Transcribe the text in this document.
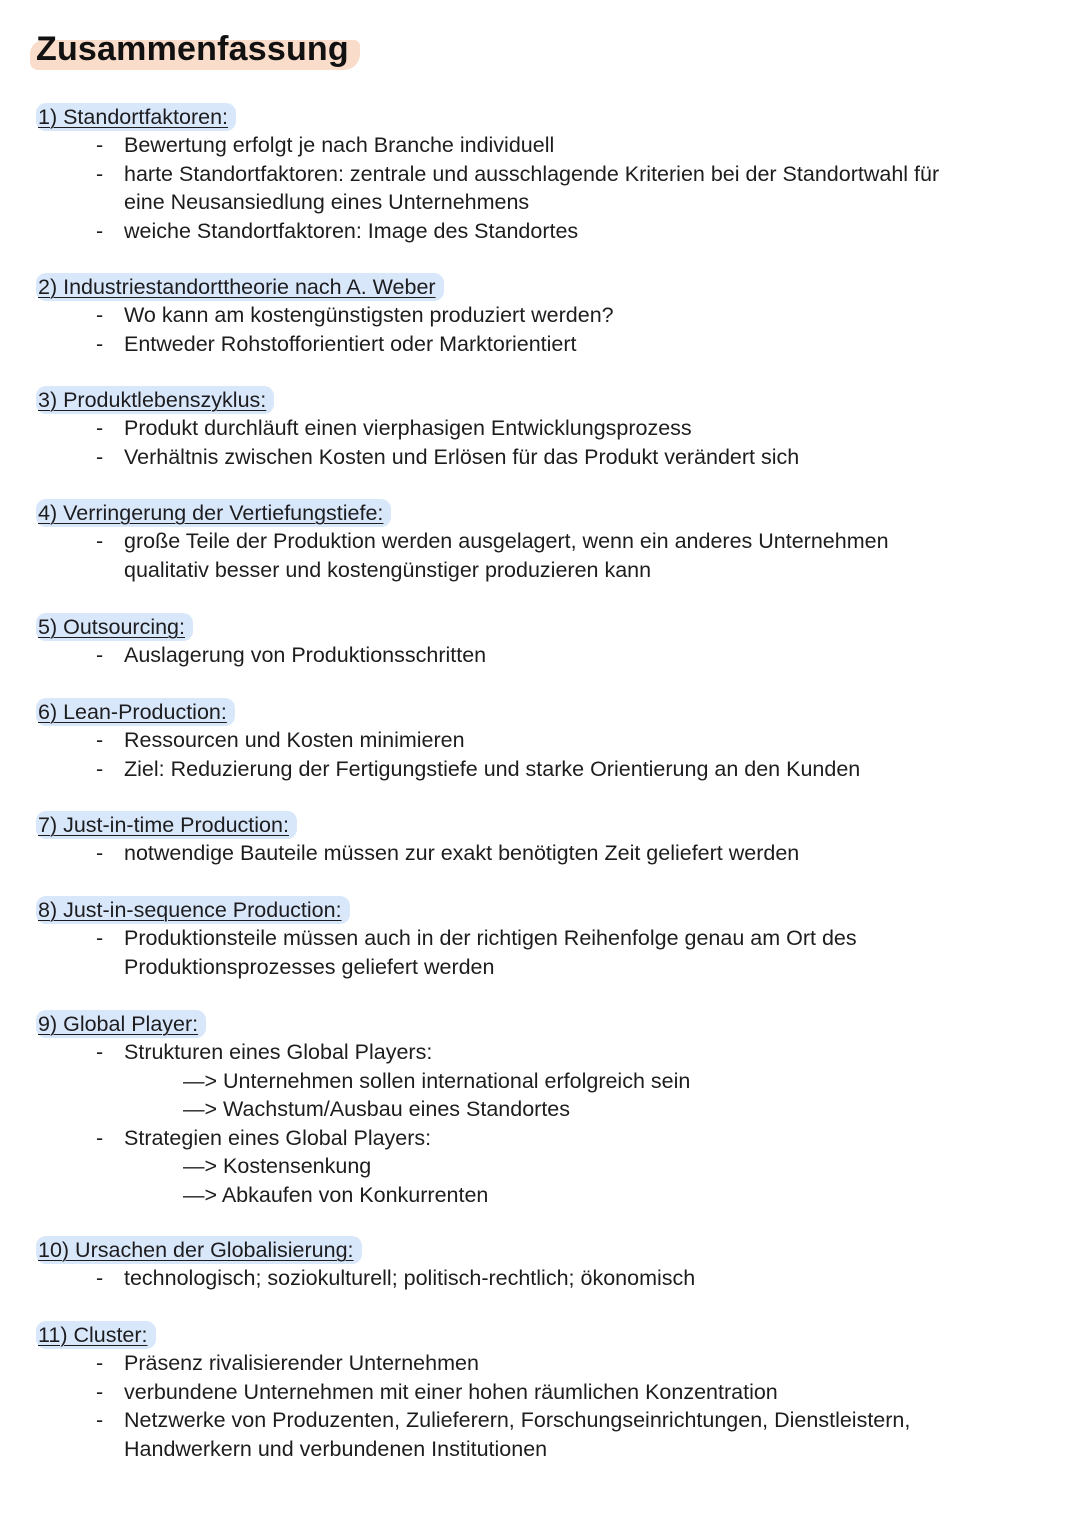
Zusammenfassung
1) Standortfaktoren:
- Bewertung erfolgt je nach Branche individuell
- harte Standortfaktoren: zentrale und ausschlagende Kriterien bei der Standortwahl für
eine Neusansiedlung eines Unternehmens
- weiche Standortfaktoren: Image des Standortes
2) Industriestandorttheorie nach A. Weber
- Wo kann am kostengünstigsten produziert werden?
- Entweder Rohstofforientiert oder Marktorientiert
3) Produktlebenszyklus:
- Produkt durchläuft einen vierphasigen Entwicklungsprozess
- Verhältnis zwischen Kosten und Erlösen für das Produkt verändert sich
4) Verringerung der Vertiefungstiefe:
- große Teile der Produktion werden ausgelagert, wenn ein anderes Unternehmen
qualitativ besser und kostengünstiger produzieren kann
5) Outsourcing:
- Auslagerung von Produktionsschritten
6) Lean-Production:
- Ressourcen und Kosten minimieren
- Ziel: Reduzierung der Fertigungstiefe und starke Orientierung an den Kunden
7) Just-in-time Production:
- notwendige Bauteile müssen zur exakt benötigten Zeit geliefert werden
8) Just-in-sequence Production:
- Produktionsteile müssen auch in der richtigen Reihenfolge genau am Ort des
Produktionsprozesses geliefert werden
9) Global Player:
- Strukturen eines Global Players:
—> Unternehmen sollen international erfolgreich sein
—> Wachstum/Ausbau eines Standortes
- Strategien eines Global Players:
—> Kostensenkung
—> Abkaufen von Konkurrenten
10) Ursachen der Globalisierung:
- technologisch; soziokulturell; politisch-rechtlich; ökonomisch
11) Cluster:
- Präsenz rivalisierender Unternehmen
- verbundene Unternehmen mit einer hohen räumlichen Konzentration
- Netzwerke von Produzenten, Zulieferern, Forschungseinrichtungen, Dienstleistern,
Handwerkern und verbundenen Institutionen
